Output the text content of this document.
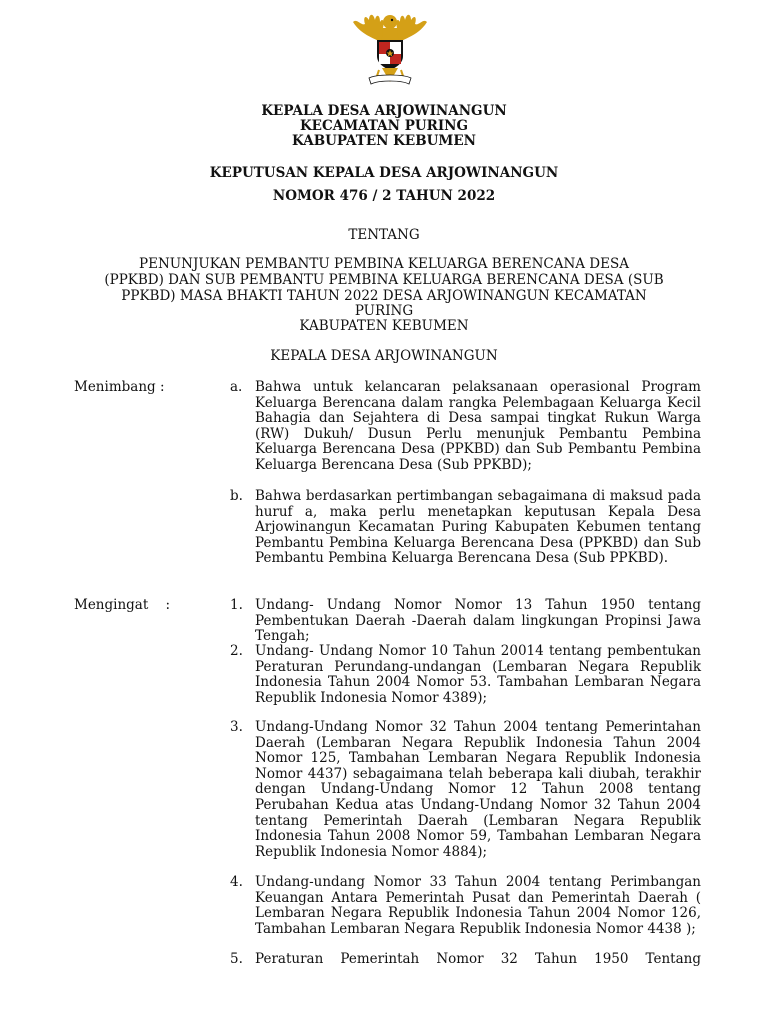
KEPALA DESA ARJOWINANGUN
KECAMATAN PURING
KABUPATEN KEBUMEN
KEPUTUSAN KEPALA DESA ARJOWINANGUN
NOMOR 476 / 2 TAHUN 2022
TENTANG
PENUNJUKAN PEMBANTU PEMBINA KELUARGA BERENCANA DESA
(PPKBD) DAN SUB PEMBANTU PEMBINA KELUARGA BERENCANA DESA (SUB
PPKBD) MASA BHAKTI TAHUN 2022 DESA ARJOWINANGUN KECAMATAN
PURING
KABUPATEN KEBUMEN
KEPALA DESA ARJOWINANGUN
Menimbang :	a. Bahwa untuk kelancaran pelaksanaan operasional Program Keluarga Berencana dalam rangka Pelembagaan Keluarga Kecil Bahagia dan Sejahtera di Desa sampai tingkat Rukun Warga (RW) Dukuh/ Dusun Perlu menunjuk Pembantu Pembina Keluarga Berencana Desa (PPKBD) dan Sub Pembantu Pembina Keluarga Berencana Desa (Sub PPKBD);
b. Bahwa berdasarkan pertimbangan sebagaimana di maksud pada huruf a, maka perlu menetapkan keputusan Kepala Desa Arjowinangun Kecamatan Puring Kabupaten Kebumen tentang Pembantu Pembina Keluarga Berencana Desa (PPKBD) dan Sub Pembantu Pembina Keluarga Berencana Desa (Sub PPKBD).
Mengingat    :	1. Undang- Undang Nomor Nomor 13 Tahun 1950 tentang Pembentukan Daerah -Daerah dalam lingkungan Propinsi Jawa Tengah;
2. Undang- Undang Nomor 10 Tahun 20014 tentang pembentukan Peraturan Perundang-undangan (Lembaran Negara Republik Indonesia Tahun 2004 Nomor 53. Tambahan Lembaran Negara Republik Indonesia Nomor 4389);
3. Undang-Undang Nomor 32 Tahun 2004 tentang Pemerintahan Daerah (Lembaran Negara Republik Indonesia Tahun 2004 Nomor 125, Tambahan Lembaran Negara Republik Indonesia Nomor 4437) sebagaimana telah beberapa kali diubah, terakhir dengan Undang-Undang Nomor 12 Tahun 2008 tentang Perubahan Kedua atas Undang-Undang Nomor 32 Tahun 2004 tentang Pemerintah Daerah (Lembaran Negara Republik Indonesia Tahun 2008 Nomor 59, Tambahan Lembaran Negara Republik Indonesia Nomor 4884);
4. Undang-undang Nomor 33 Tahun 2004 tentang Perimbangan Keuangan Antara Pemerintah Pusat dan Pemerintah Daerah ( Lembaran Negara Republik Indonesia Tahun 2004 Nomor 126, Tambahan Lembaran Negara Republik Indonesia Nomor 4438 );
5. Peraturan Pemerintah Nomor 32 Tahun 1950 Tentang
